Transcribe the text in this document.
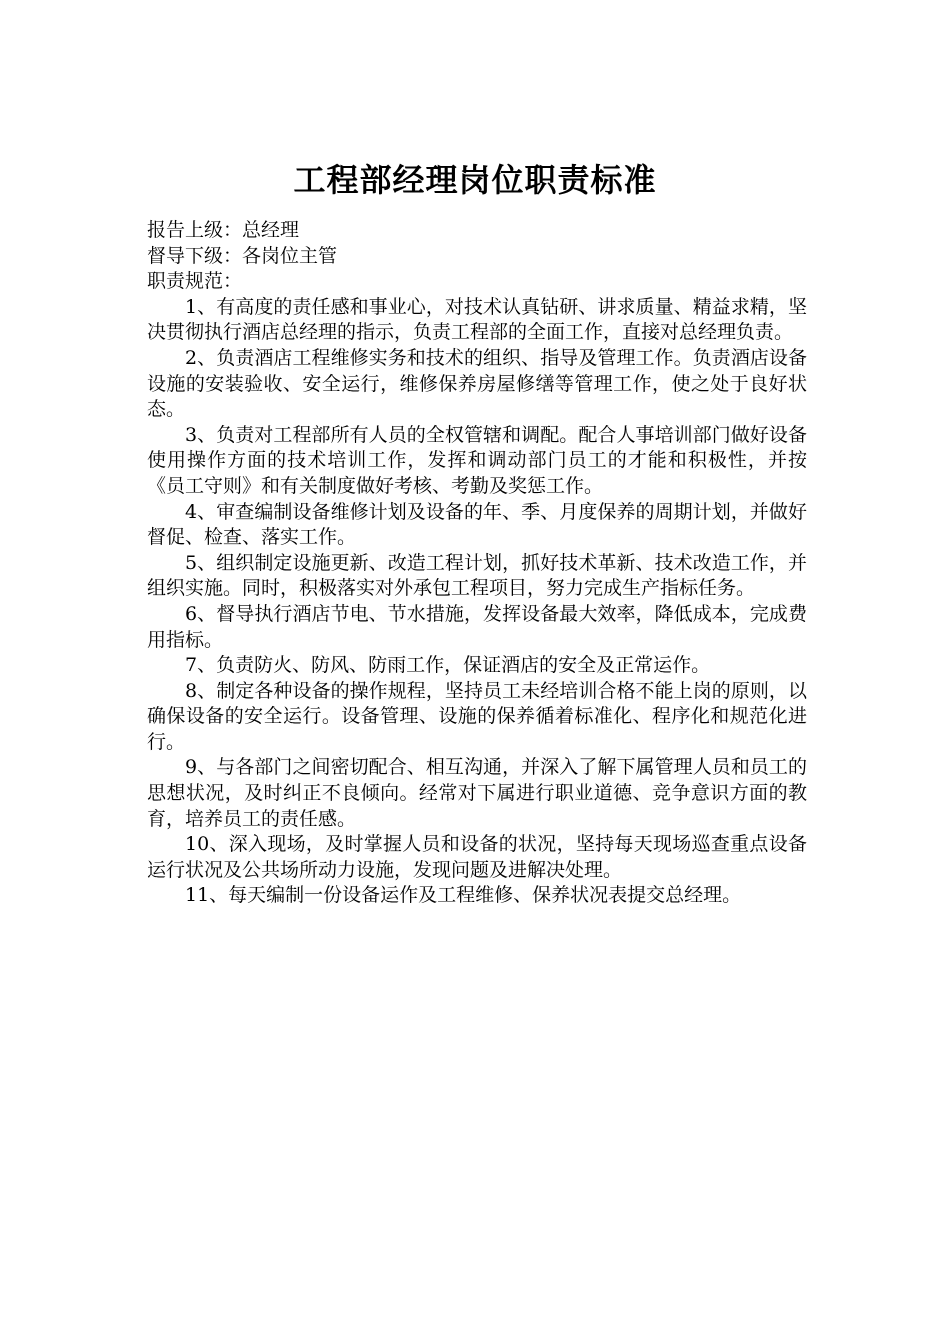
工程部经理岗位职责标准

报告上级：总经理

督导下级：各岗位主管

职责规范：

1、有高度的责任感和事业心，对技术认真钻研、讲求质量、精益求精，坚决贯彻执行酒店总经理的指示，负责工程部的全面工作，直接对总经理负责。

2、负责酒店工程维修实务和技术的组织、指导及管理工作。负责酒店设备设施的安装验收、安全运行，维修保养房屋修缮等管理工作，使之处于良好状态。

3、负责对工程部所有人员的全权管辖和调配。配合人事培训部门做好设备使用操作方面的技术培训工作，发挥和调动部门员工的才能和积极性，并按《员工守则》和有关制度做好考核、考勤及奖惩工作。

4、审查编制设备维修计划及设备的年、季、月度保养的周期计划，并做好督促、检查、落实工作。

5、组织制定设施更新、改造工程计划，抓好技术革新、技术改造工作，并组织实施。同时，积极落实对外承包工程项目，努力完成生产指标任务。

6、督导执行酒店节电、节水措施，发挥设备最大效率，降低成本，完成费用指标。

7、负责防火、防风、防雨工作，保证酒店的安全及正常运作。

8、制定各种设备的操作规程，坚持员工未经培训合格不能上岗的原则，以确保设备的安全运行。设备管理、设施的保养循着标准化、程序化和规范化进行。

9、与各部门之间密切配合、相互沟通，并深入了解下属管理人员和员工的思想状况，及时纠正不良倾向。经常对下属进行职业道德、竞争意识方面的教育，培养员工的责任感。

10、深入现场，及时掌握人员和设备的状况，坚持每天现场巡查重点设备运行状况及公共场所动力设施，发现问题及进解决处理。

11、每天编制一份设备运作及工程维修、保养状况表提交总经理。
